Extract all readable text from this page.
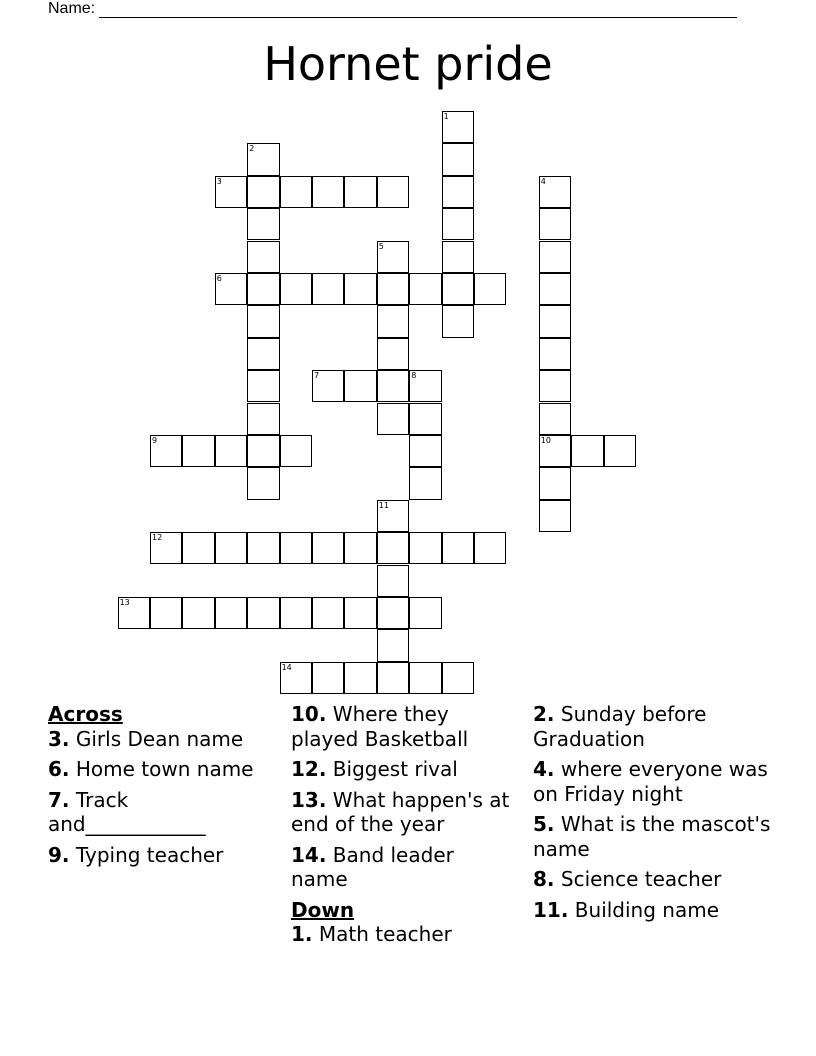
Name:
Hornet pride
1
2
3	4
10
5
6
7	8
9
11
12
13
14
Across
3. Girls Dean name
6. Home town name
7. Track and____________
9. Typing teacher
10. Where they played Basketball
12. Biggest rival
13. What happen's at end of the year
14. Band leader name
Down
1. Math teacher
2. Sunday before Graduation
4. where everyone was on Friday night
5. What is the mascot's name
8. Science teacher
11. Building name
